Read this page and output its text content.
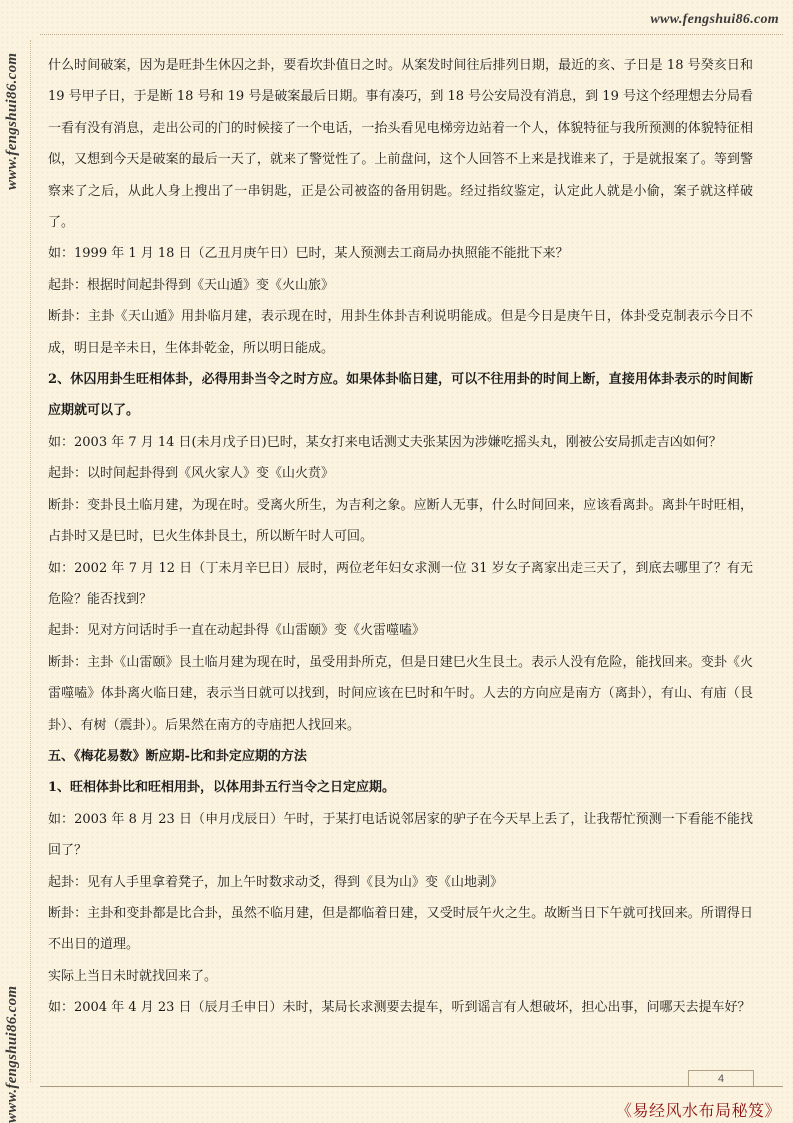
www.fengshui86.com
www.fengshui86.com
www.fengshui86.com

什么时间破案，因为是旺卦生休囚之卦，要看坎卦值日之时。从案发时间往后排列日期，最近的亥、子日是 18 号癸亥日和 19 号甲子日，于是断 18 号和 19 号是破案最后日期。事有凑巧，到 18 号公安局没有消息，到 19 号这个经理想去分局看一看有没有消息，走出公司的门的时候接了一个电话，一抬头看见电梯旁边站着一个人，体貌特征与我所预测的体貌特征相似，又想到今天是破案的最后一天了，就来了警觉性了。上前盘问，这个人回答不上来是找谁来了，于是就报案了。等到警察来了之后，从此人身上搜出了一串钥匙，正是公司被盗的备用钥匙。经过指纹鉴定，认定此人就是小偷，案子就这样破了。

如：1999 年 1 月 18 日（乙丑月庚午日）巳时，某人预测去工商局办执照能不能批下来？

起卦：根据时间起卦得到《天山遁》变《火山旅》

断卦：主卦《天山遁》用卦临月建，表示现在时，用卦生体卦吉利说明能成。但是今日是庚午日，体卦受克制表示今日不成，明日是辛未日，生体卦乾金，所以明日能成。

2、休囚用卦生旺相体卦，必得用卦当令之时方应。如果体卦临日建，可以不往用卦的时间上断，直接用体卦表示的时间断应期就可以了。

如：2003 年 7 月 14 日(未月戊子日)巳时，某女打来电话测丈夫张某因为涉嫌吃摇头丸，刚被公安局抓走吉凶如何？

起卦：以时间起卦得到《风火家人》变《山火贲》

断卦：变卦艮土临月建，为现在时。受离火所生，为吉利之象。应断人无事，什么时间回来，应该看离卦。离卦午时旺相，占卦时又是巳时，巳火生体卦艮土，所以断午时人可回。

如：2002 年 7 月 12 日（丁未月辛巳日）辰时，两位老年妇女求测一位 31 岁女子离家出走三天了，到底去哪里了？有无危险？能否找到？

起卦：见对方问话时手一直在动起卦得《山雷颐》变《火雷噬嗑》

断卦：主卦《山雷颐》艮土临月建为现在时，虽受用卦所克，但是日建巳火生艮土。表示人没有危险，能找回来。变卦《火雷噬嗑》体卦离火临日建，表示当日就可以找到，时间应该在巳时和午时。人去的方向应是南方（离卦），有山、有庙（艮卦）、有树（震卦）。后果然在南方的寺庙把人找回来。

五、《梅花易数》断应期-比和卦定应期的方法

1、旺相体卦比和旺相用卦，以体用卦五行当令之日定应期。

如：2003 年 8 月 23 日（申月戊辰日）午时，于某打电话说邻居家的驴子在今天早上丢了，让我帮忙预测一下看能不能找回了？

起卦：见有人手里拿着凳子，加上午时数求动爻，得到《艮为山》变《山地剥》

断卦：主卦和变卦都是比合卦，虽然不临月建，但是都临着日建，又受时辰午火之生。故断当日下午就可找回来。所谓得日不出日的道理。

实际上当日未时就找回来了。

如：2004 年 4 月 23 日（辰月壬申日）未时，某局长求测要去提车，听到谣言有人想破坏，担心出事，问哪天去提车好？

4
《易经风水布局秘笈》
